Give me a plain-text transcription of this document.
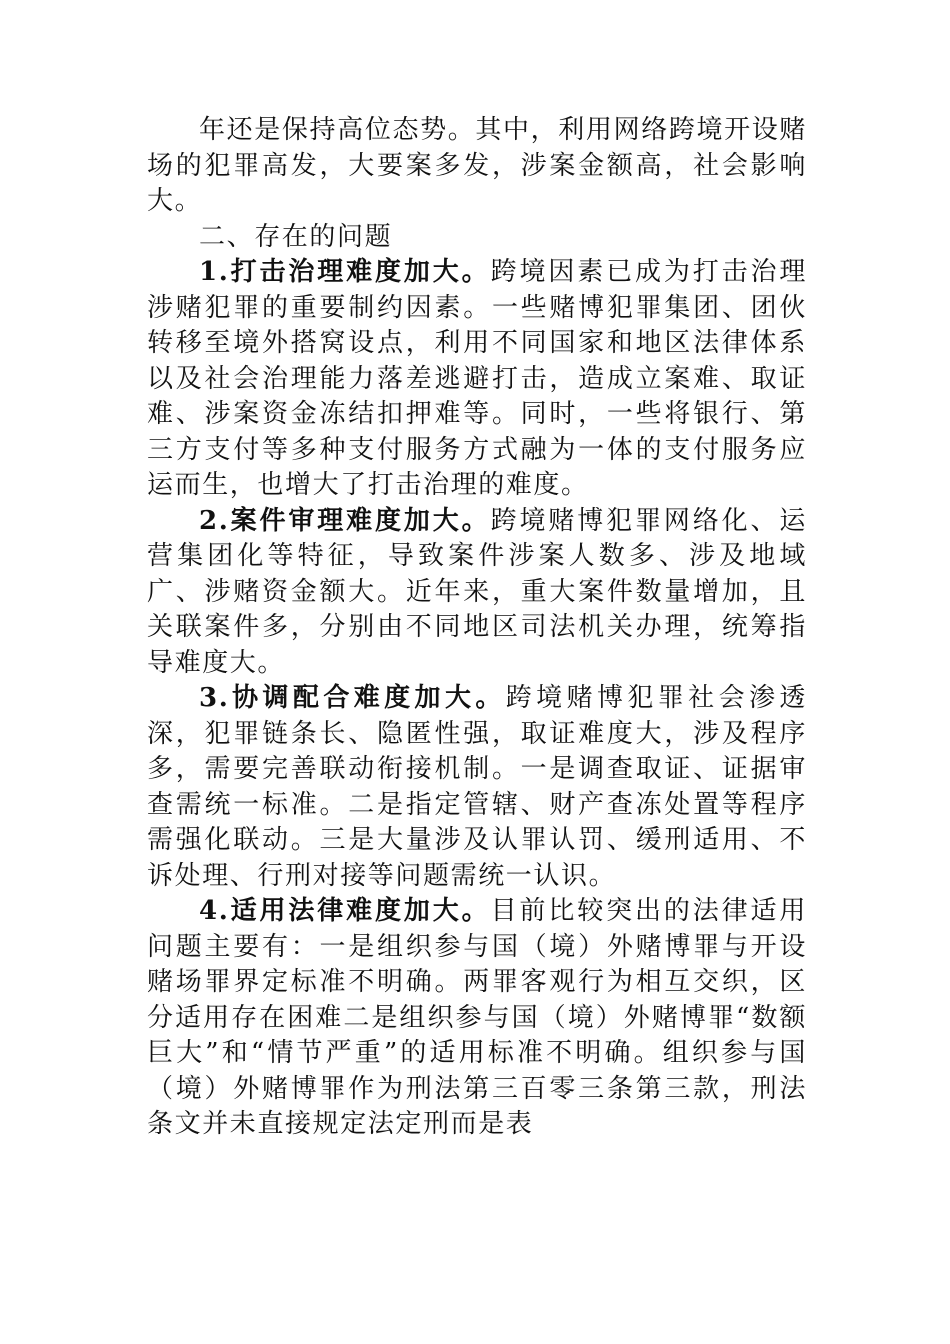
年还是保持高位态势。其中，利用网络跨境开设赌场的犯罪高发，大要案多发，涉案金额高，社会影响大。

二、存在的问题

1.打击治理难度加大。跨境因素已成为打击治理涉赌犯罪的重要制约因素。一些赌博犯罪集团、团伙转移至境外搭窝设点，利用不同国家和地区法律体系以及社会治理能力落差逃避打击，造成立案难、取证难、涉案资金冻结扣押难等。同时，一些将银行、第三方支付等多种支付服务方式融为一体的支付服务应运而生，也增大了打击治理的难度。

2.案件审理难度加大。跨境赌博犯罪网络化、运营集团化等特征，导致案件涉案人数多、涉及地域广、涉赌资金额大。近年来，重大案件数量增加，且关联案件多，分别由不同地区司法机关办理，统筹指导难度大。

3.协调配合难度加大。跨境赌博犯罪社会渗透深，犯罪链条长、隐匿性强，取证难度大，涉及程序多，需要完善联动衔接机制。一是调查取证、证据审查需统一标准。二是指定管辖、财产查冻处置等程序需强化联动。三是大量涉及认罪认罚、缓刑适用、不诉处理、行刑对接等问题需统一认识。

4.适用法律难度加大。目前比较突出的法律适用问题主要有：一是组织参与国（境）外赌博罪与开设赌场罪界定标准不明确。两罪客观行为相互交织，区分适用存在困难二是组织参与国（境）外赌博罪“数额巨大”和“情节严重”的适用标准不明确。组织参与国（境）外赌博罪作为刑法第三百零三条第三款，刑法条文并未直接规定法定刑而是表
